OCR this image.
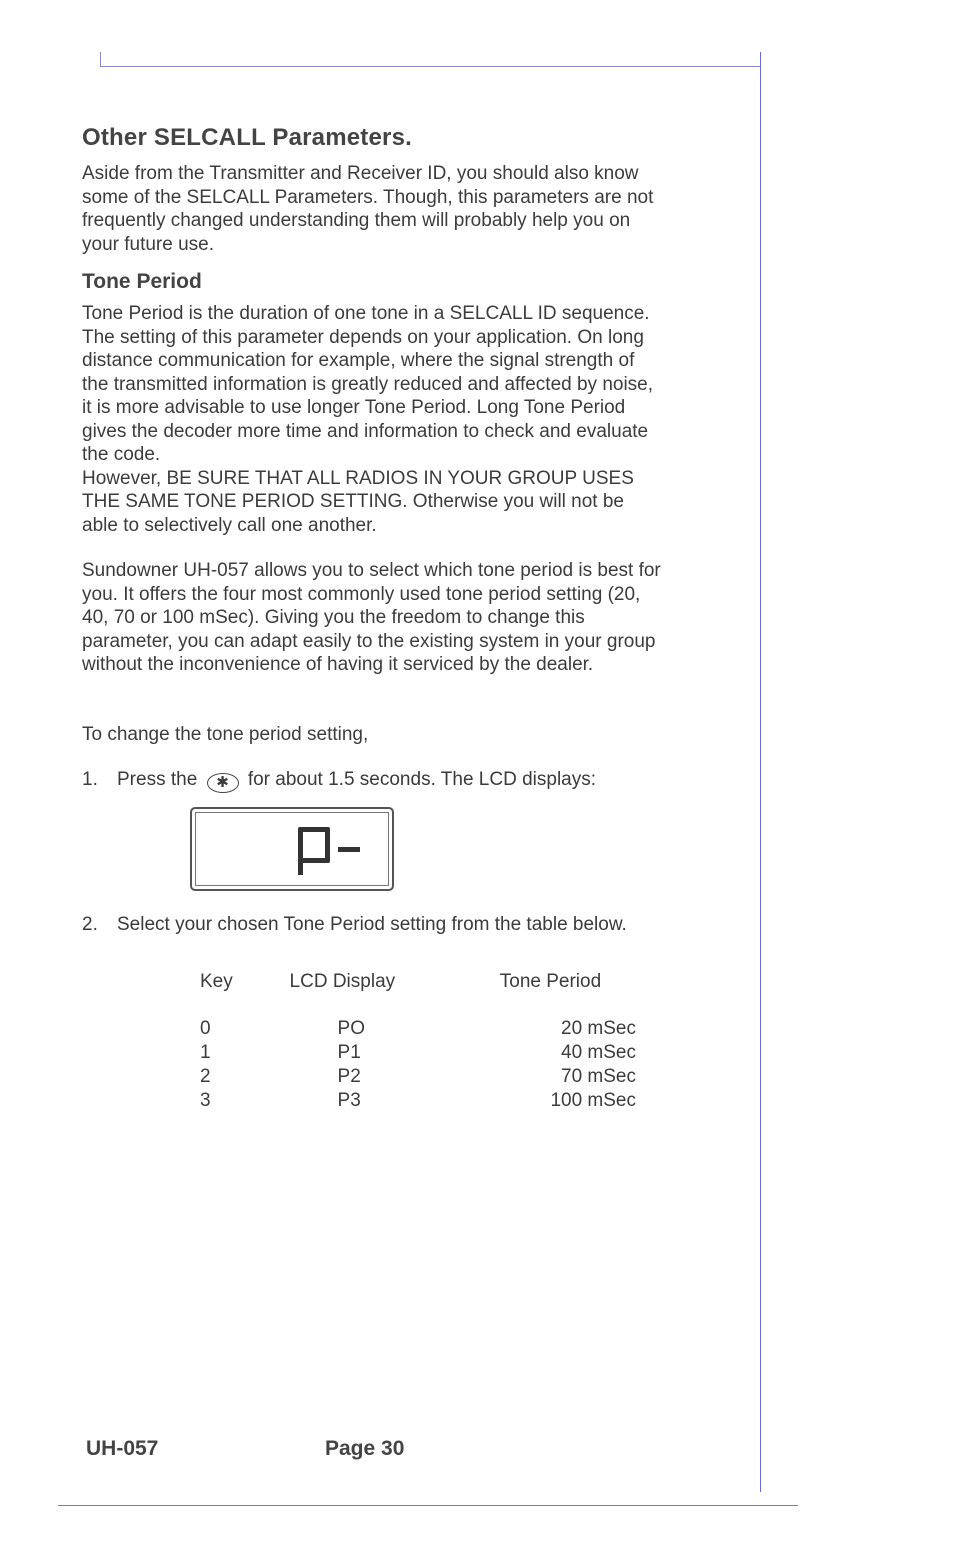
Other SELCALL Parameters.

Aside from the Transmitter and Receiver ID, you should also know some of the SELCALL Parameters. Though, this parameters are not frequently changed understanding them will probably help you on your future use.

Tone Period

Tone Period is the duration of one tone in a SELCALL ID sequence. The setting of this parameter depends on your application. On long distance communication for example, where the signal strength of the transmitted information is greatly reduced and affected by noise, it is more advisable to use longer Tone Period. Long Tone Period gives the decoder more time and information to check and evaluate the code.

However, BE SURE THAT ALL RADIOS IN YOUR GROUP USES THE SAME TONE PERIOD SETTING. Otherwise you will not be able to selectively call one another.

Sundowner UH-057 allows you to select which tone period is best for you. It offers the four most commonly used tone period setting (20, 40, 70 or 100 mSec). Giving you the freedom to change this parameter, you can adapt easily to the existing system in your group without the inconvenience of having it serviced by the dealer.

To change the tone period setting,

1.	Press the ✱ for about 1.5 seconds. The LCD displays:
2.	Select your chosen Tone Period setting from the table below.
Key	LCD Display	Tone Period
0	PO	20 mSec
1	P1	40 mSec
2	P2	70 mSec
3	P3	100 mSec
UH-057	Page 30
